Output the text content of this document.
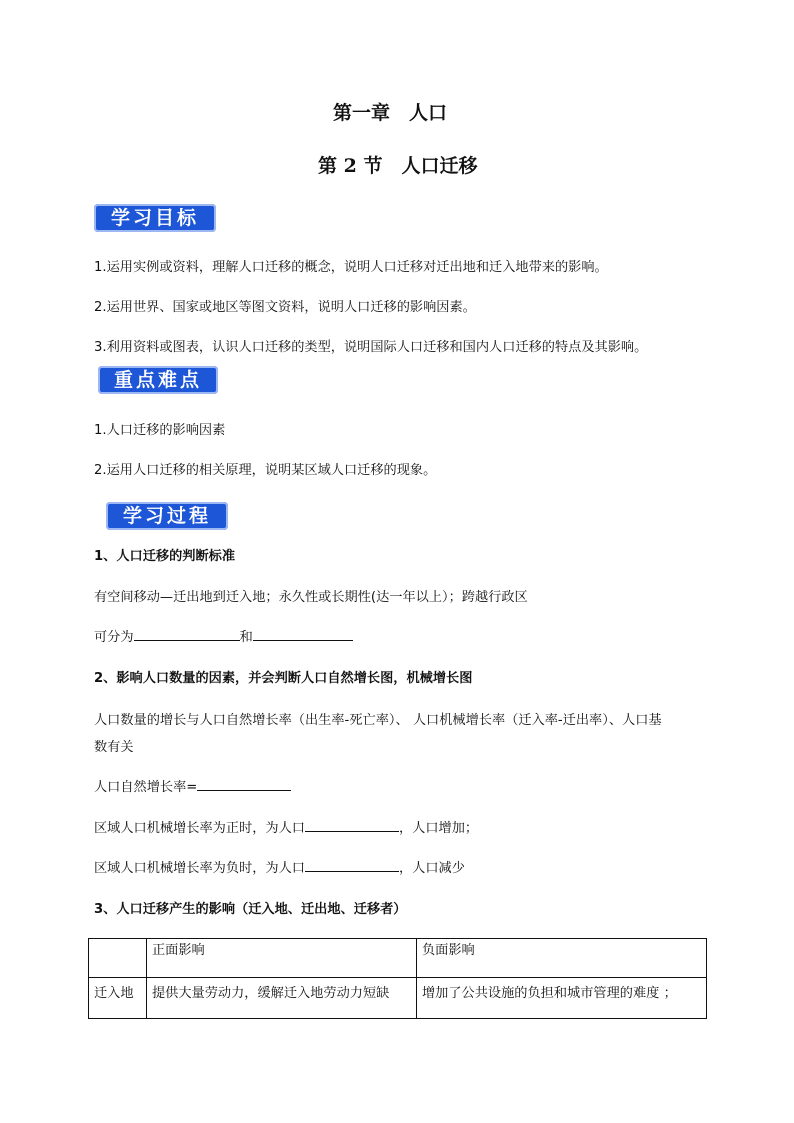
第一章　人口
第 2 节　人口迁移
学习目标
1.运用实例或资料，理解人口迁移的概念，说明人口迁移对迁出地和迁入地带来的影响。
2.运用世界、国家或地区等图文资料，说明人口迁移的影响因素。
3.利用资料或图表，认识人口迁移的类型，说明国际人口迁移和国内人口迁移的特点及其影响。
重点难点
1.人口迁移的影响因素
2.运用人口迁移的相关原理，说明某区域人口迁移的现象。
学习过程
1、人口迁移的判断标准
有空间移动—迁出地到迁入地；永久性或长期性(达一年以上）；跨越行政区
可分为	和
2、影响人口数量的因素，并会判断人口自然增长图，机械增长图
人口数量的增长与人口自然增长率（出生率-死亡率）、 人口机械增长率（迁入率-迁出率）、人口基
数有关
人口自然增长率=
区域人口机械增长率为正时，为人口	，人口增加；
区域人口机械增长率为负时，为人口	，人口减少
3、人口迁移产生的影响（迁入地、迁出地、迁移者）
	正面影响	负面影响
迁入地	提供大量劳动力，缓解迁入地劳动力短缺	增加了公共设施的负担和城市管理的难度 ；
